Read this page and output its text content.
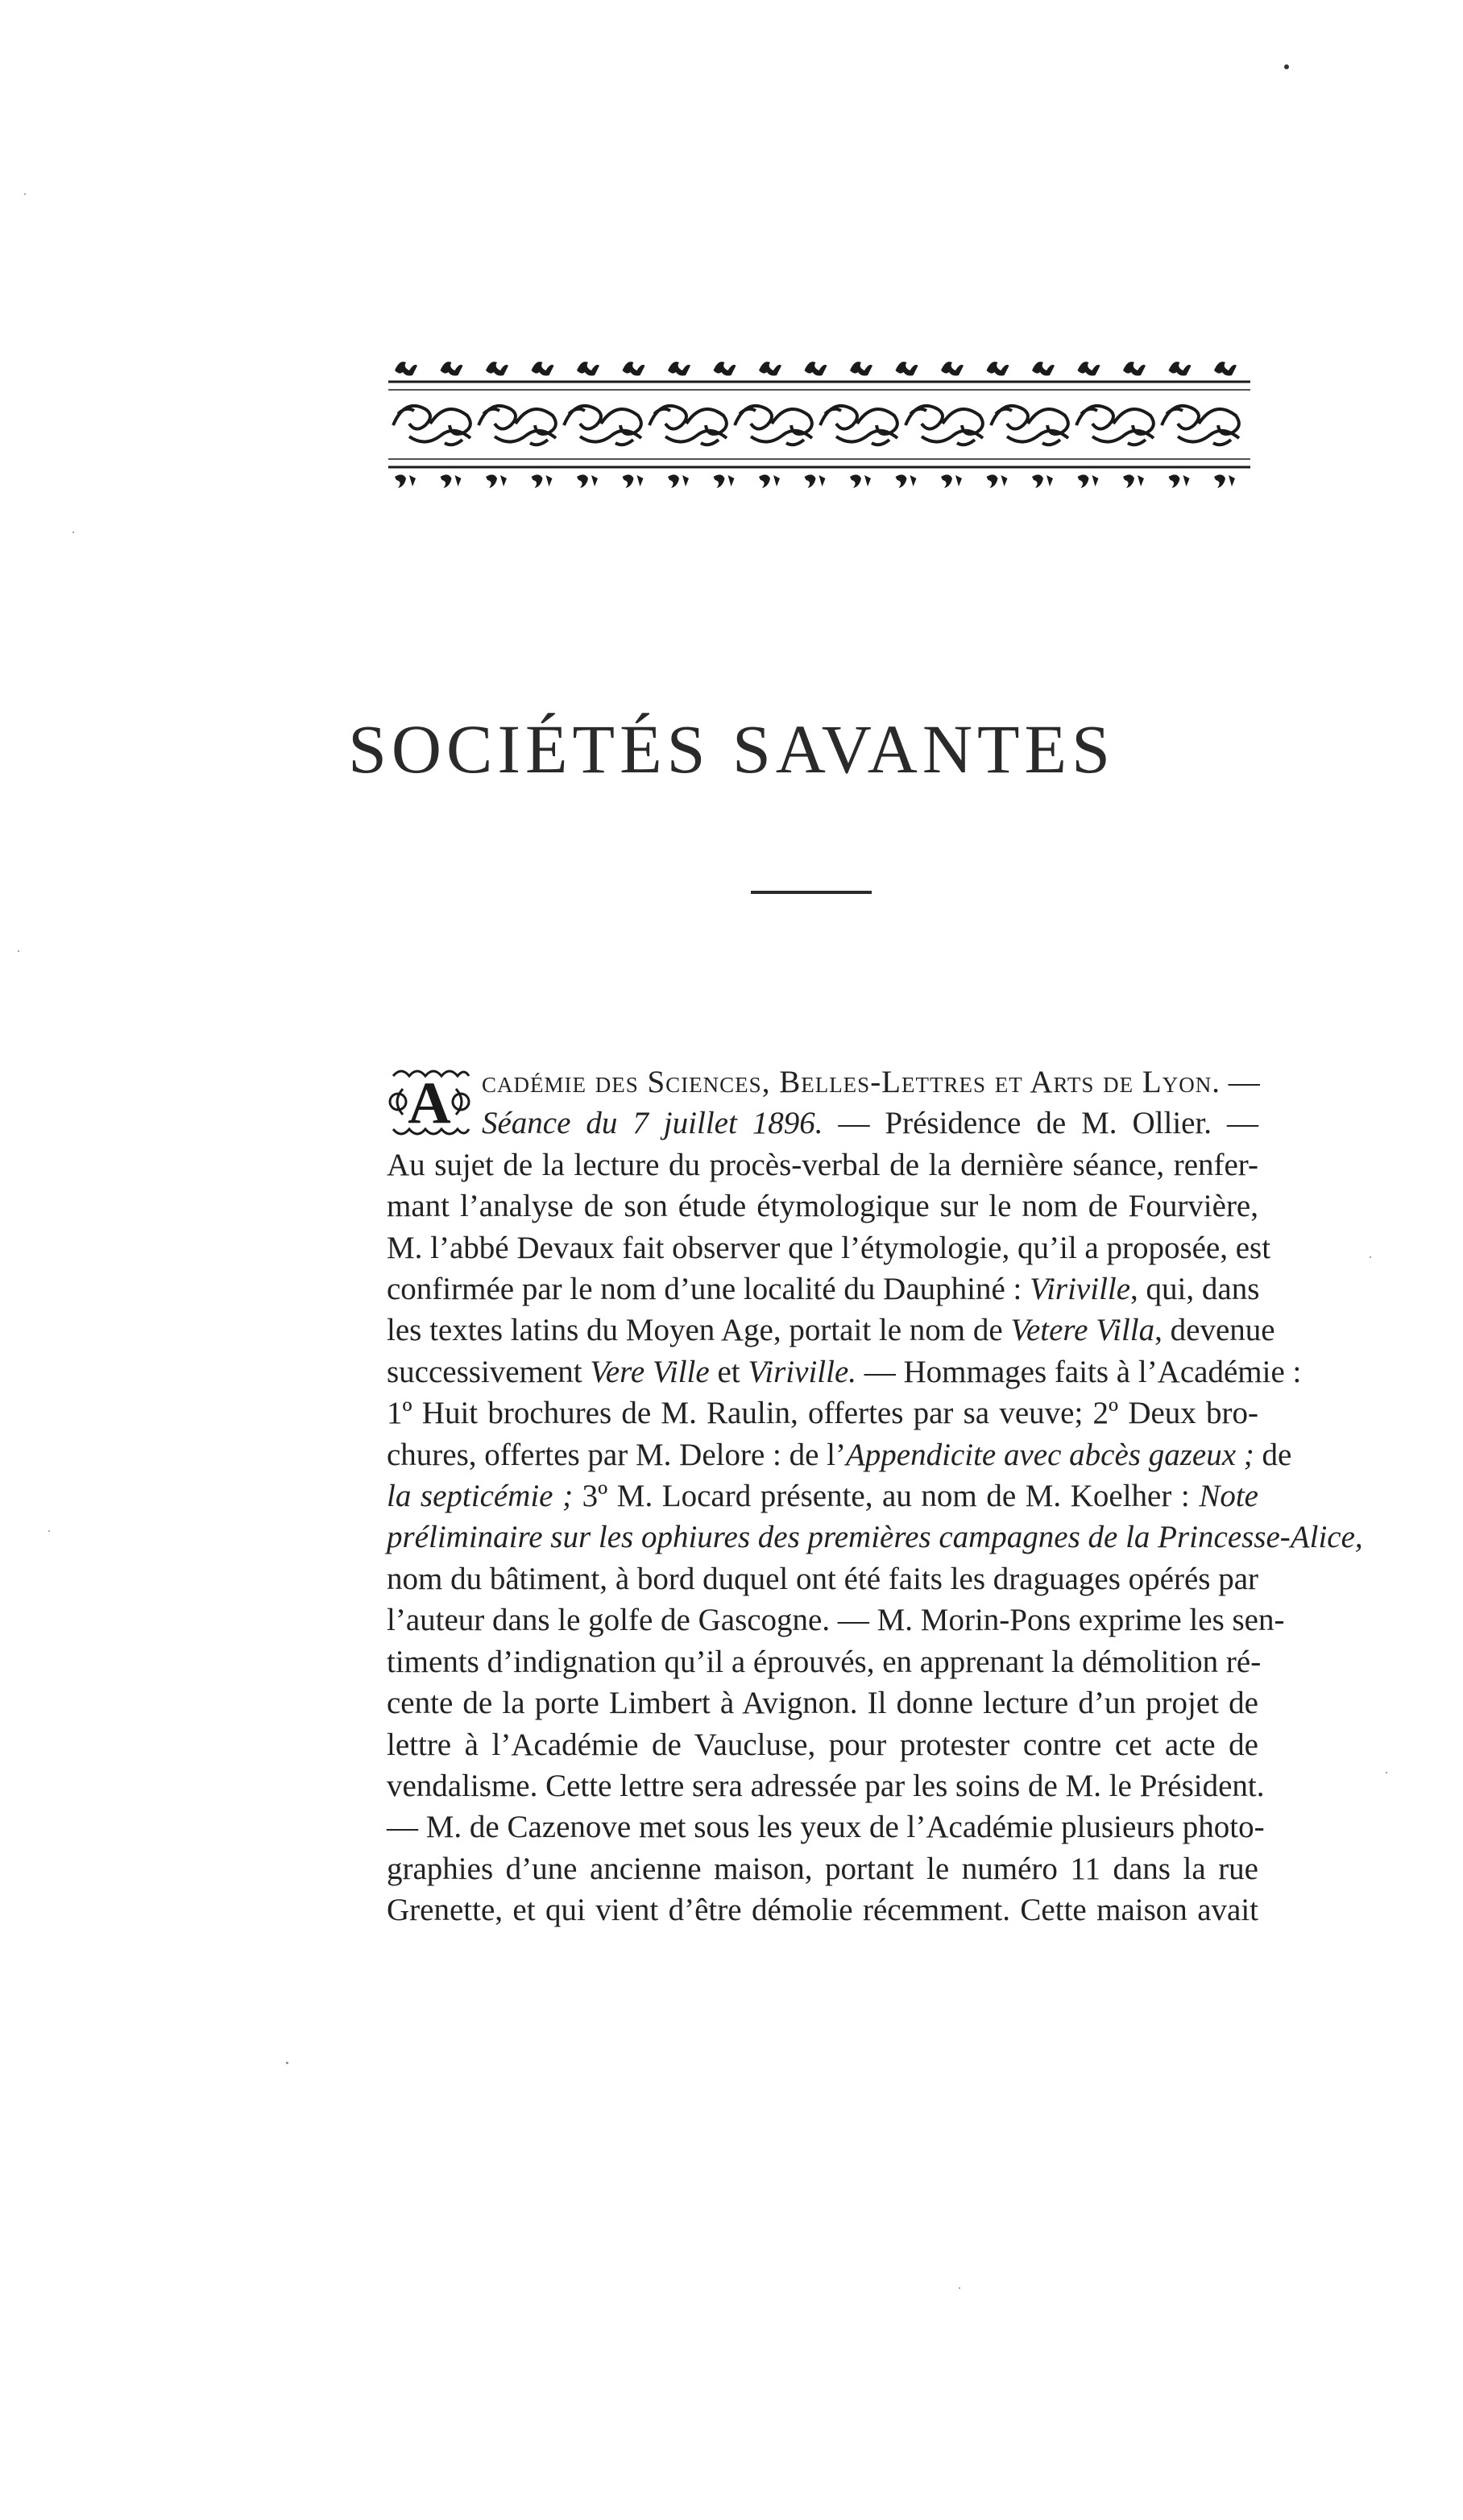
SOCIÉTÉS SAVANTES
A cadémie des Sciences, Belles-Lettres et Arts de Lyon. —
Séance du 7 juillet 1896. — Présidence de M. Ollier. —
Au sujet de la lecture du procès-verbal de la dernière séance, renfer-
mant l’analyse de son étude étymologique sur le nom de Fourvière,
M. l’abbé Devaux fait observer que l’étymologie, qu’il a proposée, est
confirmée par le nom d’une localité du Dauphiné : Viriville, qui, dans
les textes latins du Moyen Age, portait le nom de Vetere Villa, devenue
successivement Vere Ville et Viriville. — Hommages faits à l’Académie :
1º Huit brochures de M. Raulin, offertes par sa veuve; 2º Deux bro-
chures, offertes par M. Delore : de l’Appendicite avec abcès gazeux ; de
la septicémie ; 3º M. Locard présente, au nom de M. Koelher : Note
préliminaire sur les ophiures des premières campagnes de la Princesse-Alice,
nom du bâtiment, à bord duquel ont été faits les draguages opérés par
l’auteur dans le golfe de Gascogne. — M. Morin-Pons exprime les sen-
timents d’indignation qu’il a éprouvés, en apprenant la démolition ré-
cente de la porte Limbert à Avignon. Il donne lecture d’un projet de
lettre à l’Académie de Vaucluse, pour protester contre cet acte de
vendalisme. Cette lettre sera adressée par les soins de M. le Président.
— M. de Cazenove met sous les yeux de l’Académie plusieurs photo-
graphies d’une ancienne maison, portant le numéro 11 dans la rue
Grenette, et qui vient d’être démolie récemment. Cette maison avait
